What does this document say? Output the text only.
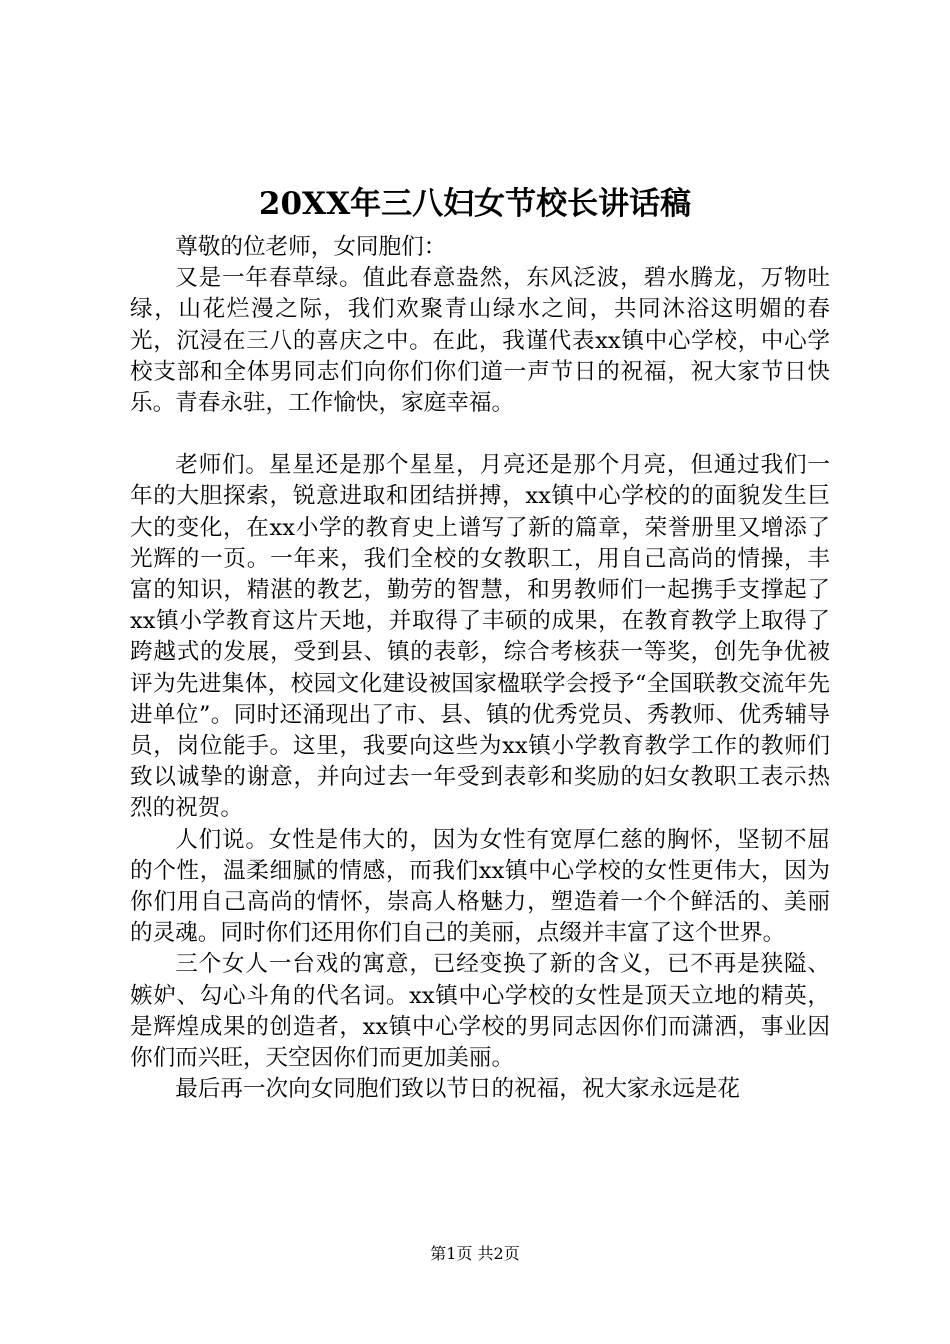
20XX年三八妇女节校长讲话稿

尊敬的位老师，女同胞们：

又是一年春草绿。值此春意盎然，东风泛波，碧水腾龙，万物吐绿，山花烂漫之际，我们欢聚青山绿水之间，共同沐浴这明媚的春光，沉浸在三八的喜庆之中。在此，我谨代表xx镇中心学校，中心学校支部和全体男同志们向你们你们道一声节日的祝福，祝大家节日快乐。青春永驻，工作愉快，家庭幸福。

老师们。星星还是那个星星，月亮还是那个月亮，但通过我们一年的大胆探索，锐意进取和团结拼搏，xx镇中心学校的的面貌发生巨大的变化，在xx小学的教育史上谱写了新的篇章，荣誉册里又增添了光辉的一页。一年来，我们全校的女教职工，用自己高尚的情操，丰富的知识，精湛的教艺，勤劳的智慧，和男教师们一起携手支撑起了xx镇小学教育这片天地，并取得了丰硕的成果，在教育教学上取得了跨越式的发展，受到县、镇的表彰，综合考核获一等奖，创先争优被评为先进集体，校园文化建设被国家楹联学会授予“全国联教交流年先进单位”。同时还涌现出了市、县、镇的优秀党员、秀教师、优秀辅导员，岗位能手。这里，我要向这些为xx镇小学教育教学工作的教师们致以诚挚的谢意，并向过去一年受到表彰和奖励的妇女教职工表示热烈的祝贺。

人们说。女性是伟大的，因为女性有宽厚仁慈的胸怀，坚韧不屈的个性，温柔细腻的情感，而我们xx镇中心学校的女性更伟大，因为你们用自己高尚的情怀，崇高人格魅力，塑造着一个个鲜活的、美丽的灵魂。同时你们还用你们自己的美丽，点缀并丰富了这个世界。

三个女人一台戏的寓意，已经变换了新的含义，已不再是狭隘、嫉妒、勾心斗角的代名词。xx镇中心学校的女性是顶天立地的精英，是辉煌成果的创造者，xx镇中心学校的男同志因你们而潇洒，事业因你们而兴旺，天空因你们而更加美丽。

最后再一次向女同胞们致以节日的祝福，祝大家永远是花

第1页 共2页
